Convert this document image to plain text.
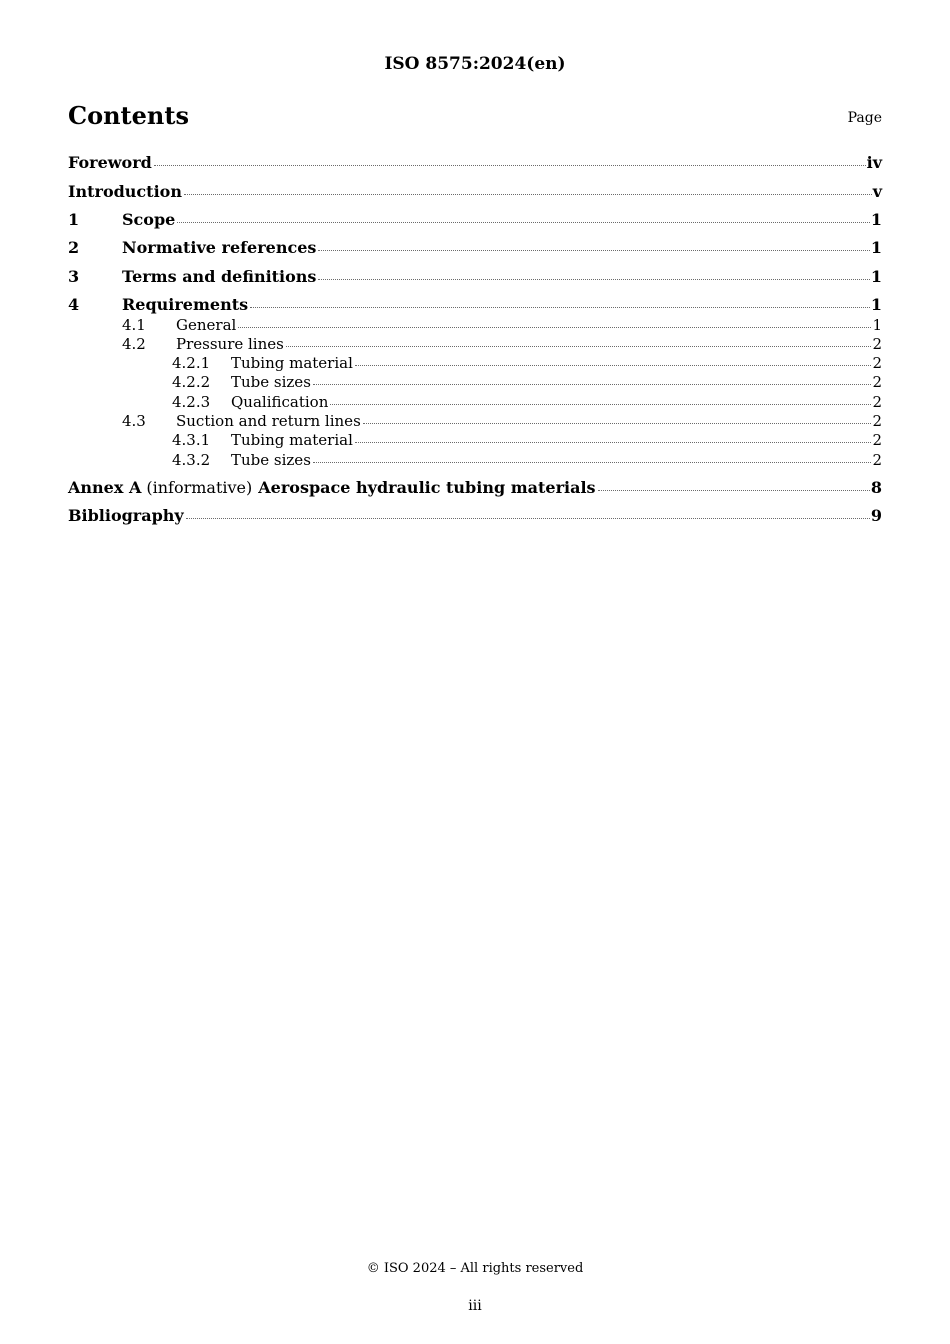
ISO 8575:2024(en)
Contents	Page
Foreword	iv
Introduction	v
1	Scope	1
2	Normative references	1
3	Terms and definitions	1
4	Requirements	1
4.1	General	1
4.2	Pressure lines	2
4.2.1	Tubing material	2
4.2.2	Tube sizes	2
4.2.3	Qualification	2
4.3	Suction and return lines	2
4.3.1	Tubing material	2
4.3.2	Tube sizes	2
Annex A (informative) Aerospace hydraulic tubing materials	8
Bibliography	9
© ISO 2024 – All rights reserved
iii
